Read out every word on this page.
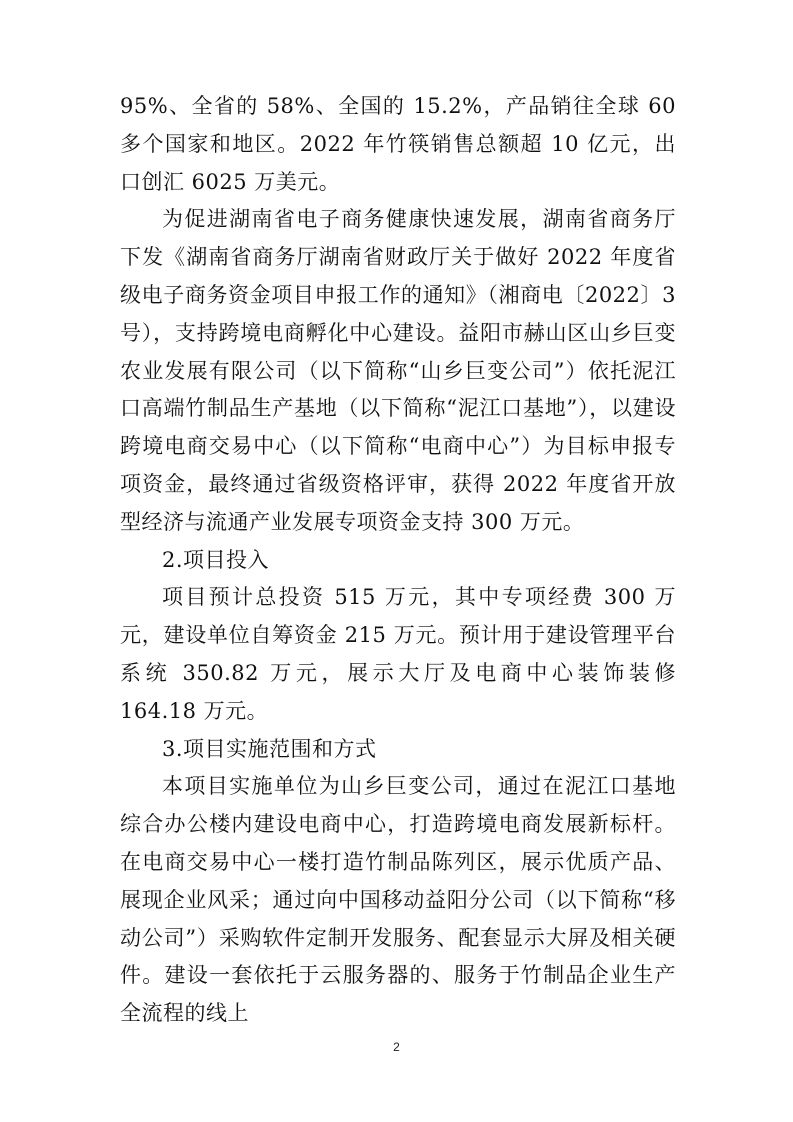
95%、全省的 58%、全国的 15.2%，产品销往全球 60 多个国家和地区。2022 年竹筷销售总额超 10 亿元，出口创汇 6025 万美元。

为促进湖南省电子商务健康快速发展，湖南省商务厅下发《湖南省商务厅湖南省财政厅关于做好 2022 年度省级电子商务资金项目申报工作的通知》（湘商电〔2022〕3 号），支持跨境电商孵化中心建设。益阳市赫山区山乡巨变农业发展有限公司（以下简称“山乡巨变公司”）依托泥江口高端竹制品生产基地（以下简称“泥江口基地”），以建设跨境电商交易中心（以下简称“电商中心”）为目标申报专项资金，最终通过省级资格评审，获得 2022 年度省开放型经济与流通产业发展专项资金支持 300 万元。

2.项目投入

项目预计总投资 515 万元，其中专项经费 300 万元，建设单位自筹资金 215 万元。预计用于建设管理平台系统 350.82 万元，展示大厅及电商中心装饰装修 164.18 万元。

3.项目实施范围和方式

本项目实施单位为山乡巨变公司，通过在泥江口基地综合办公楼内建设电商中心，打造跨境电商发展新标杆。在电商交易中心一楼打造竹制品陈列区，展示优质产品、展现企业风采；通过向中国移动益阳分公司（以下简称“移动公司”）采购软件定制开发服务、配套显示大屏及相关硬件。建设一套依托于云服务器的、服务于竹制品企业生产全流程的线上

2
